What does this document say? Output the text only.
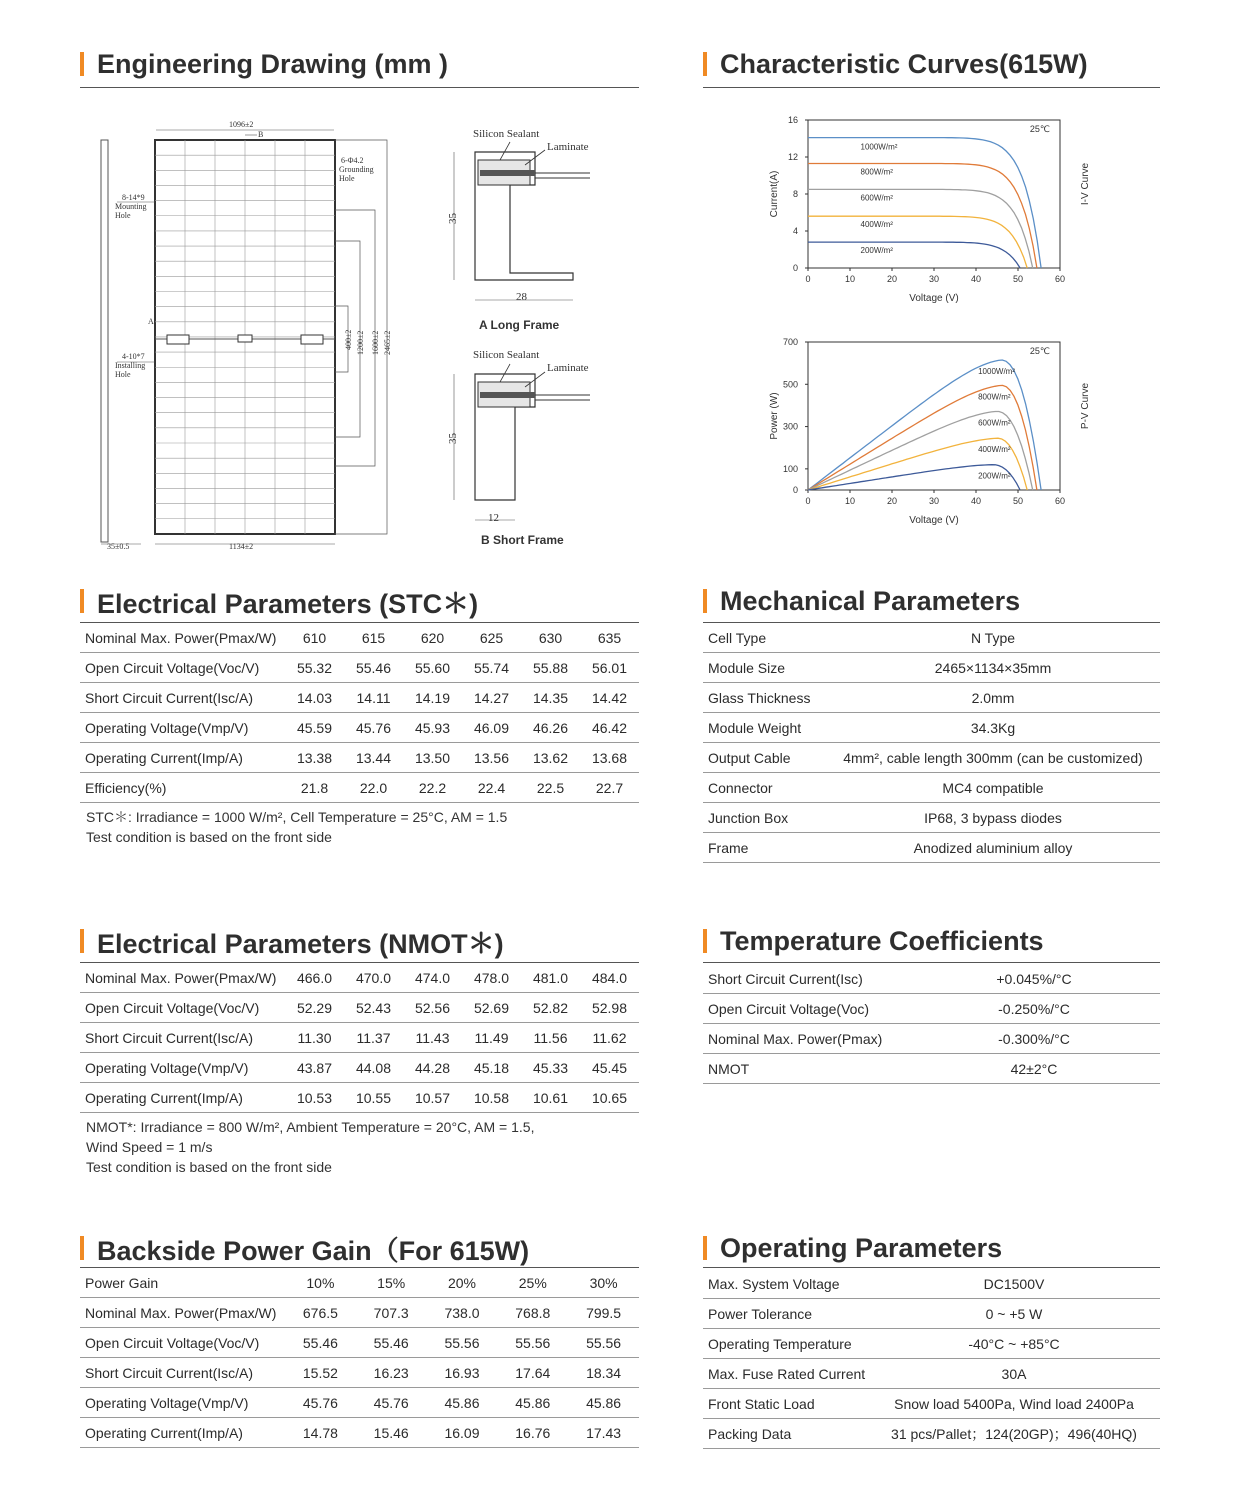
Engineering Drawing (mm )	Characteristic Curves(615W)
Electrical Parameters (STC＊)	Mechanical Parameters
Electrical Parameters (NMOT＊)	Temperature Coefficients
Backside Power Gain（For 615W)	Operating Parameters
35±0.5
1096±2
B
A
1134±2
8-14*9 Mounting Hole
4-10*7 Installing Hole
6-Φ4.2 Grounding Hole
400±2 1200±2 1600±2 2465±2
Silicon Sealant
Laminate
35
28
A Long Frame
Silicon Sealant
Laminate
35
12
B Short Frame
0	10	20	30	40	50	60
0
4
8
12
16
Voltage (V)
Current(A)	I-V Curve
25℃
1000W/m²
800W/m²
600W/m²
400W/m²
200W/m²
0	10	20	30	40	50	60
0
100
300
500
700
Voltage (V)
Power (W)	P-V Curve
25℃
1000W/m²
800W/m²
600W/m²
400W/m²
200W/m²
Nominal Max. Power(Pmax/W)	610	615	620	625	630	635
Open Circuit Voltage(Voc/V)	55.32	55.46	55.60	55.74	55.88	56.01
Short Circuit Current(Isc/A)	14.03	14.11	14.19	14.27	14.35	14.42
Operating Voltage(Vmp/V)	45.59	45.76	45.93	46.09	46.26	46.42
Operating Current(Imp/A)	13.38	13.44	13.50	13.56	13.62	13.68
Efficiency(%)	21.8	22.0	22.2	22.4	22.5	22.7
STC＊: Irradiance = 1000 W/m², Cell Temperature = 25°C, AM = 1.5
Test condition is based on the front side
Cell Type	N Type
Module Size	2465×1134×35mm
Glass Thickness	2.0mm
Module Weight	34.3Kg
Output Cable	4mm², cable length 300mm (can be customized)
Connector	MC4 compatible
Junction Box	IP68, 3 bypass diodes
Frame	Anodized aluminium alloy
Nominal Max. Power(Pmax/W)	466.0	470.0	474.0	478.0	481.0	484.0
Open Circuit Voltage(Voc/V)	52.29	52.43	52.56	52.69	52.82	52.98
Short Circuit Current(Isc/A)	11.30	11.37	11.43	11.49	11.56	11.62
Operating Voltage(Vmp/V)	43.87	44.08	44.28	45.18	45.33	45.45
Operating Current(Imp/A)	10.53	10.55	10.57	10.58	10.61	10.65
NMOT*: Irradiance = 800 W/m², Ambient Temperature = 20°C, AM = 1.5,
Wind Speed = 1 m/s
Test condition is based on the front side
Short Circuit Current(Isc)	+0.045%/°C
Open Circuit Voltage(Voc)	-0.250%/°C
Nominal Max. Power(Pmax)	-0.300%/°C
NMOT	42±2°C
Power Gain	10%	15%	20%	25%	30%
Nominal Max. Power(Pmax/W)	676.5	707.3	738.0	768.8	799.5
Open Circuit Voltage(Voc/V)	55.46	55.46	55.56	55.56	55.56
Short Circuit Current(Isc/A)	15.52	16.23	16.93	17.64	18.34
Operating Voltage(Vmp/V)	45.76	45.76	45.86	45.86	45.86
Operating Current(Imp/A)	14.78	15.46	16.09	16.76	17.43
Max. System Voltage	DC1500V
Power Tolerance	0 ~ +5 W
Operating Temperature	-40°C ~ +85°C
Max. Fuse Rated Current	30A
Front Static Load	Snow load 5400Pa, Wind load 2400Pa
Packing Data	31 pcs/Pallet；124(20GP)；496(40HQ)
